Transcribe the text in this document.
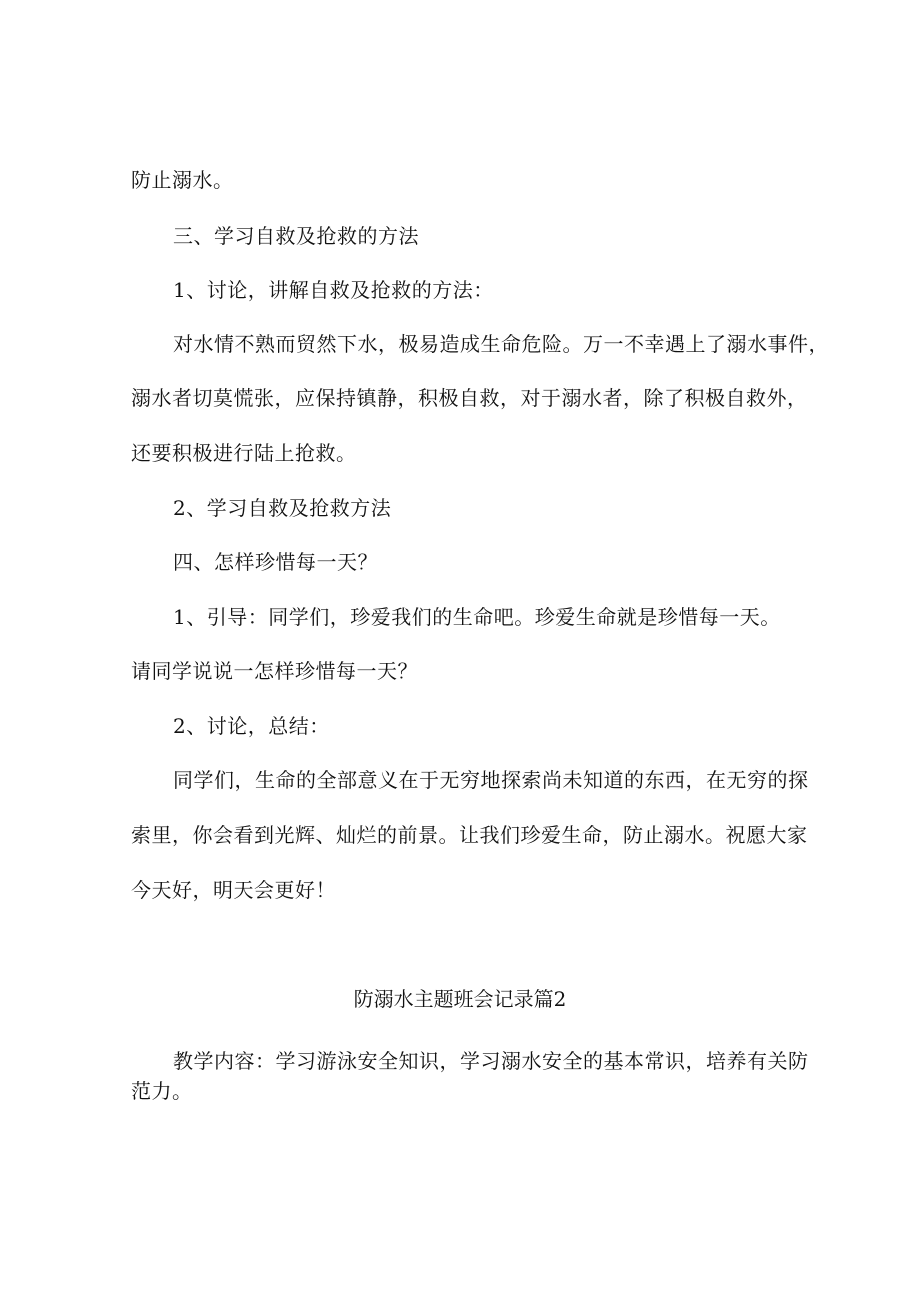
防止溺水。
三、学习自救及抢救的方法
1、讨论，讲解自救及抢救的方法：
对水情不熟而贸然下水，极易造成生命危险。万一不幸遇上了溺水事件，
溺水者切莫慌张，应保持镇静，积极自救，对于溺水者，除了积极自救外，
还要积极进行陆上抢救。
2、学习自救及抢救方法
四、怎样珍惜每一天？
1、引导：同学们，珍爱我们的生命吧。珍爱生命就是珍惜每一天。
请同学说说一怎样珍惜每一天？
2、讨论，总结：
同学们，生命的全部意义在于无穷地探索尚未知道的东西，在无穷的探
索里，你会看到光辉、灿烂的前景。让我们珍爱生命，防止溺水。祝愿大家
今天好，明天会更好！
防溺水主题班会记录篇2
教学内容：学习游泳安全知识，学习溺水安全的基本常识，培养有关防
范力。
